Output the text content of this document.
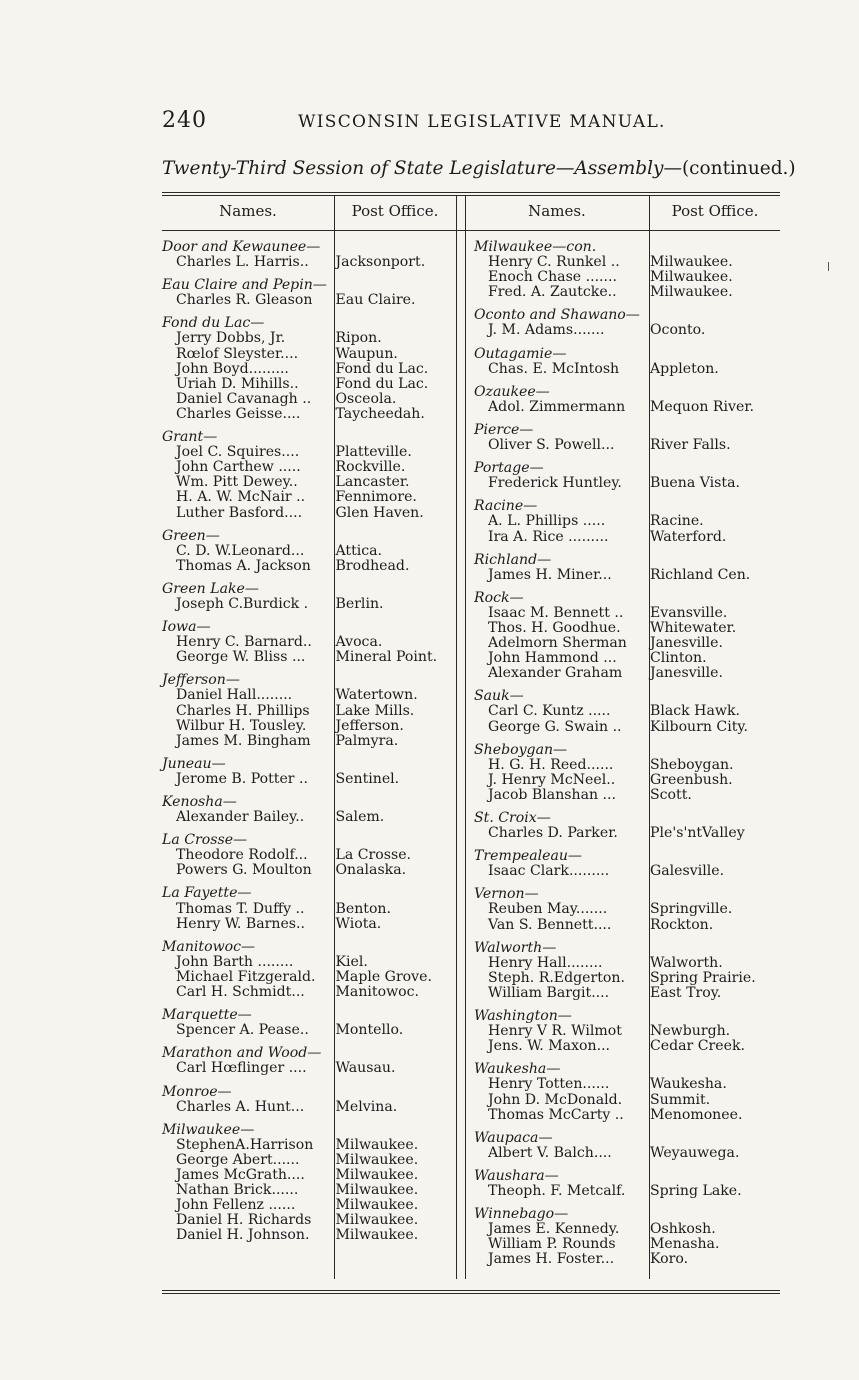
240	WISCONSIN LEGISLATIVE MANUAL.
Twenty-Third Session of State Legislature—Assembly—(continued.)
Names.	Post Office.	Names.	Post Office.
Door and Kewaunee—
Charles L. Harris..	Jacksonport.
Eau Claire and Pepin—
Charles R. Gleason	Eau Claire.
Fond du Lac—
Jerry Dobbs, Jr.	Ripon.
Rœlof Sleyster....	Waupun.
John Boyd.........	Fond du Lac.
Uriah D. Mihills..	Fond du Lac.
Daniel Cavanagh ..	Osceola.
Charles Geisse....	Taycheedah.
Grant—
Joel C. Squires....	Platteville.
John Carthew .....	Rockville.
Wm. Pitt Dewey..	Lancaster.
H. A. W. McNair ..	Fennimore.
Luther Basford....	Glen Haven.
Green—
C. D. W.Leonard...	Attica.
Thomas A. Jackson	Brodhead.
Green Lake—
Joseph C.Burdick .	Berlin.
Iowa—
Henry C. Barnard..	Avoca.
George W. Bliss ...	Mineral Point.
Jefferson—
Daniel Hall........	Watertown.
Charles H. Phillips	Lake Mills.
Wilbur H. Tousley.	Jefferson.
James M. Bingham	Palmyra.
Juneau—
Jerome B. Potter ..	Sentinel.
Kenosha—
Alexander Bailey..	Salem.
La Crosse—
Theodore Rodolf...	La Crosse.
Powers G. Moulton	Onalaska.
La Fayette—
Thomas T. Duffy ..	Benton.
Henry W. Barnes..	Wiota.
Manitowoc—
John Barth ........	Kiel.
Michael Fitzgerald.	Maple Grove.
Carl H. Schmidt...	Manitowoc.
Marquette—
Spencer A. Pease..	Montello.
Marathon and Wood—
Carl Hœflinger ....	Wausau.
Monroe—
Charles A. Hunt...	Melvina.
Milwaukee—
StephenA.Harrison	Milwaukee.
George Abert......	Milwaukee.
James McGrath....	Milwaukee.
Nathan Brick......	Milwaukee.
John Fellenz ......	Milwaukee.
Daniel H. Richards	Milwaukee.
Daniel H. Johnson.	Milwaukee.
Milwaukee—con.
Henry C. Runkel ..	Milwaukee.
Enoch Chase .......	Milwaukee.
Fred. A. Zautcke..	Milwaukee.
Oconto and Shawano—
J. M. Adams.......	Oconto.
Outagamie—
Chas. E. McIntosh	Appleton.
Ozaukee—
Adol. Zimmermann	Mequon River.
Pierce—
Oliver S. Powell...	River Falls.
Portage—
Frederick Huntley.	Buena Vista.
Racine—
A. L. Phillips .....	Racine.
Ira A. Rice .........	Waterford.
Richland—
James H. Miner...	Richland Cen.
Rock—
Isaac M. Bennett ..	Evansville.
Thos. H. Goodhue.	Whitewater.
Adelmorn Sherman	Janesville.
John Hammond ...	Clinton.
Alexander Graham	Janesville.
Sauk—
Carl C. Kuntz .....	Black Hawk.
George G. Swain ..	Kilbourn City.
Sheboygan—
H. G. H. Reed......	Sheboygan.
J. Henry McNeel..	Greenbush.
Jacob Blanshan ...	Scott.
St. Croix—
Charles D. Parker.	Ple's'ntValley
Trempealeau—
Isaac Clark.........	Galesville.
Vernon—
Reuben May.......	Springville.
Van S. Bennett....	Rockton.
Walworth—
Henry Hall........	Walworth.
Steph. R.Edgerton.	Spring Prairie.
William Bargit....	East Troy.
Washington—
Henry V R. Wilmot	Newburgh.
Jens. W. Maxon...	Cedar Creek.
Waukesha—
Henry Totten......	Waukesha.
John D. McDonald.	Summit.
Thomas McCarty ..	Menomonee.
Waupaca—
Albert V. Balch....	Weyauwega.
Waushara—
Theoph. F. Metcalf.	Spring Lake.
Winnebago—
James E. Kennedy.	Oshkosh.
William P. Rounds	Menasha.
James H. Foster...	Koro.
